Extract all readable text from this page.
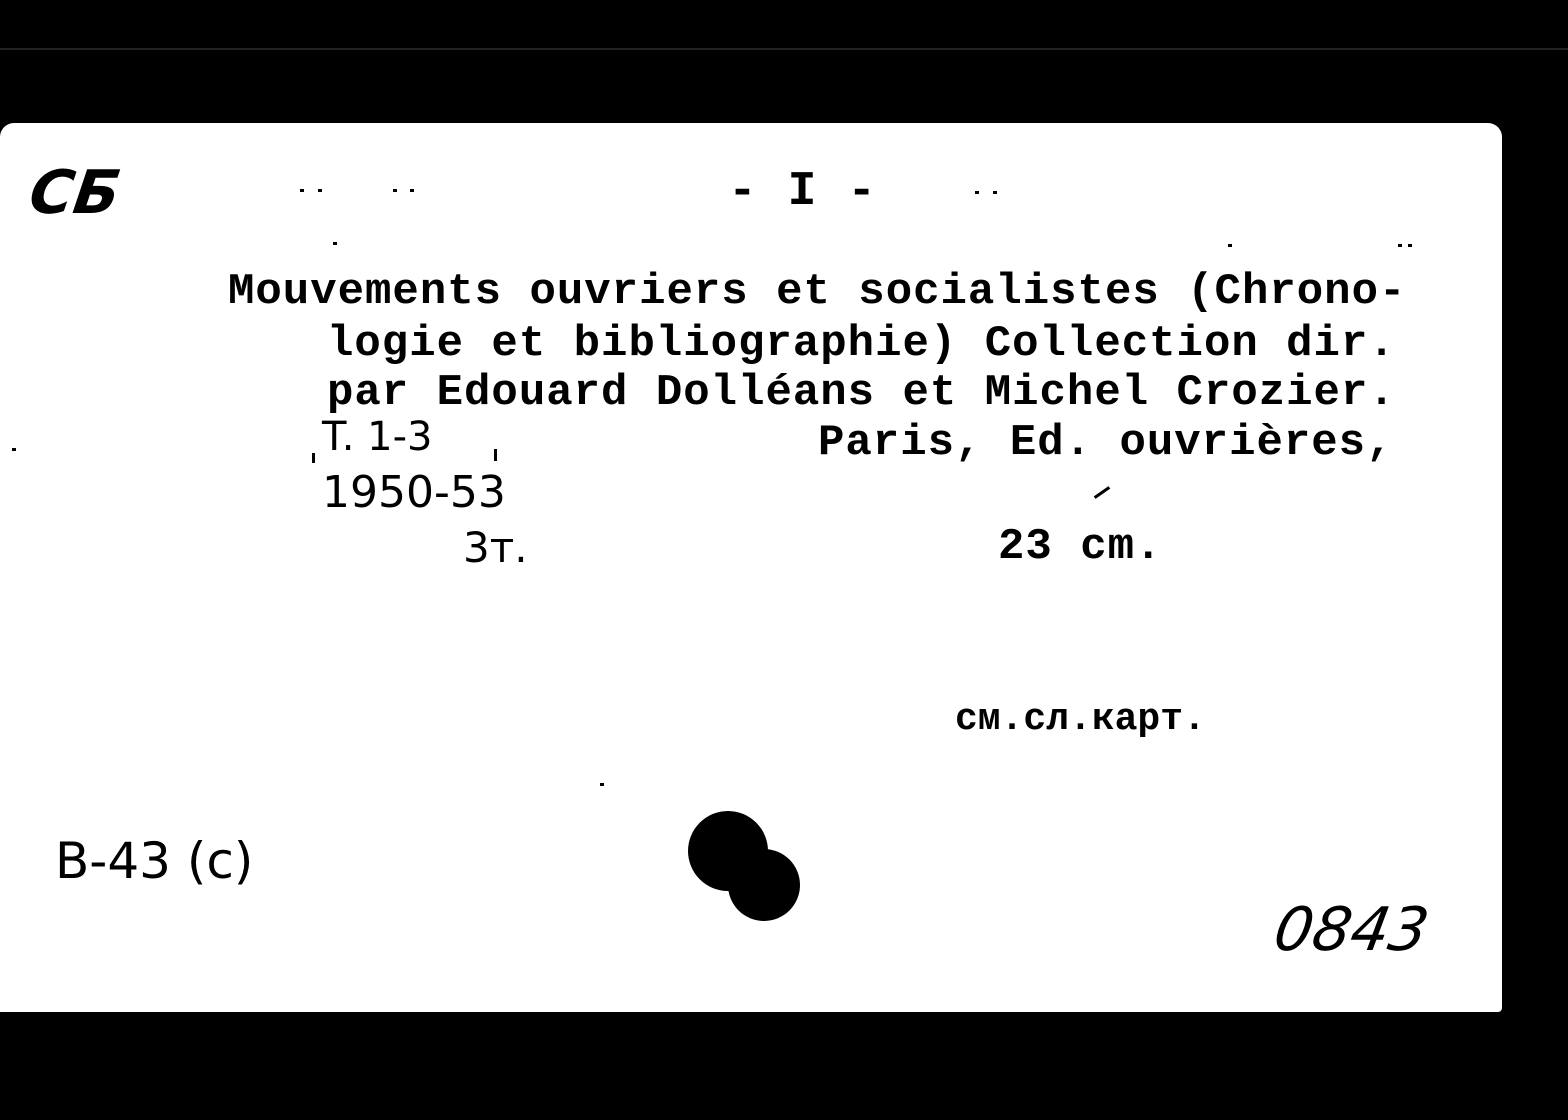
СБ	- I -
Mouvements ouvriers et socialistes (Chrono-
logie et bibliographie) Collection dir.
par Edouard Dolléans et Michel Crozier.
T. 1-3	Paris, Ed. ouvrières,
1950-53
3т.	23 cm.
см.сл.карт.
B-43 (c)
0843
